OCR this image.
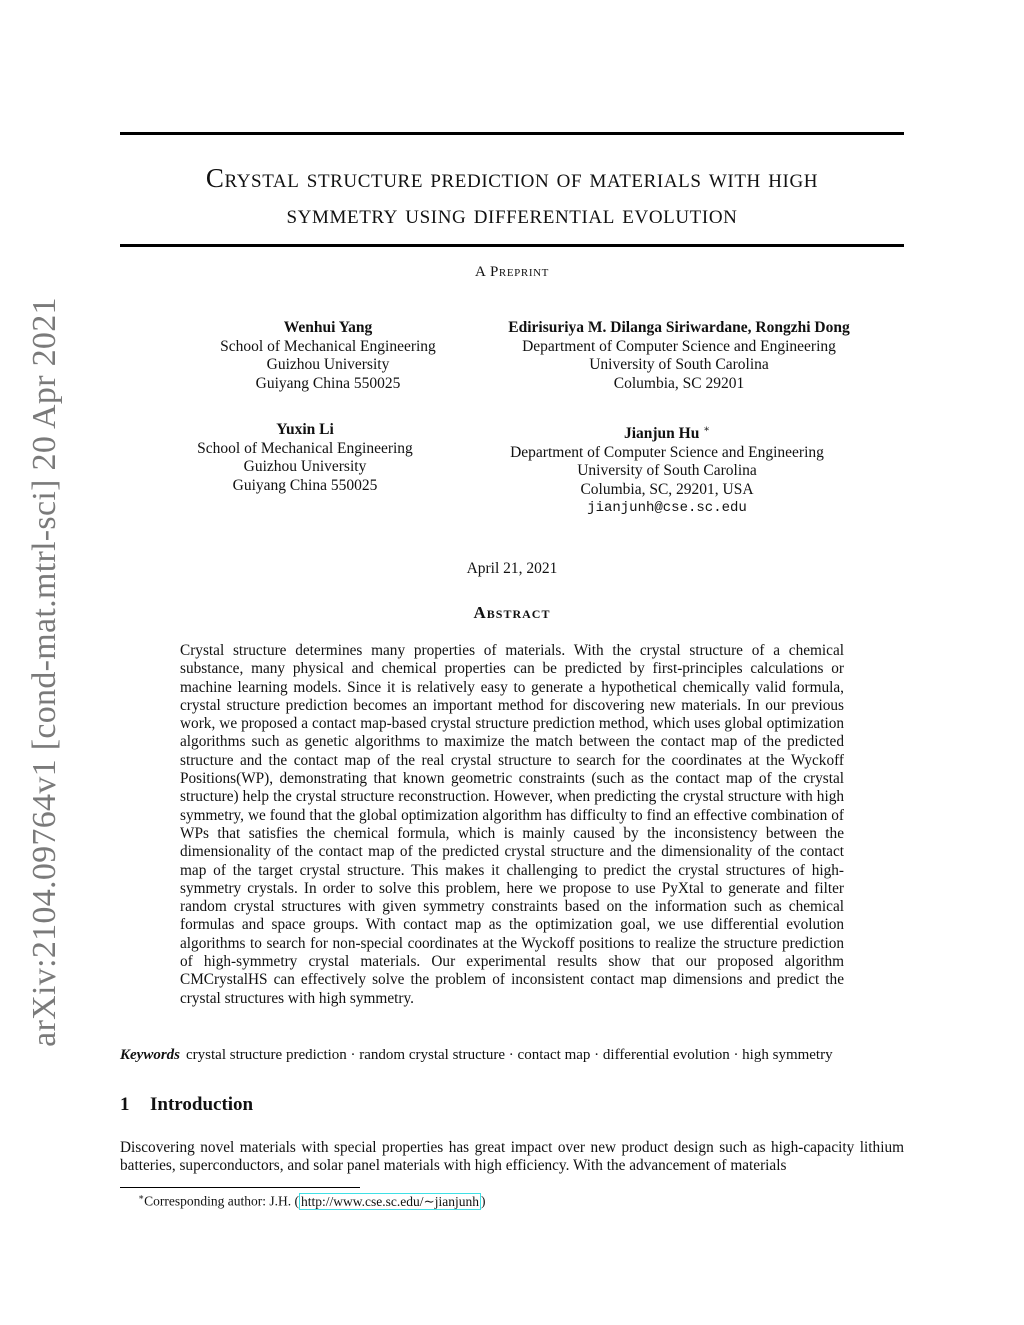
arXiv:2104.09764v1 [cond-mat.mtrl-sci] 20 Apr 2021
Crystal structure prediction of materials with high
symmetry using differential evolution
A Preprint
Wenhui Yang
School of Mechanical Engineering
Guizhou University
Guiyang China 550025
Edirisuriya M. Dilanga Siriwardane, Rongzhi Dong
Department of Computer Science and Engineering
University of South Carolina
Columbia, SC 29201
Yuxin Li
School of Mechanical Engineering
Guizhou University
Guiyang China 550025
Jianjun Hu ∗
Department of Computer Science and Engineering
University of South Carolina
Columbia, SC, 29201, USA
jianjunh@cse.sc.edu
April 21, 2021
Abstract
Crystal structure determines many properties of materials. With the crystal structure of a chemical substance, many physical and chemical properties can be predicted by first-principles calculations or machine learning models. Since it is relatively easy to generate a hypothetical chemically valid formula, crystal structure prediction becomes an important method for discovering new materials. In our previous work, we proposed a contact map-based crystal structure prediction method, which uses global optimization algorithms such as genetic algorithms to maximize the match between the contact map of the predicted structure and the contact map of the real crystal structure to search for the coordinates at the Wyckoff Positions(WP), demonstrating that known geometric constraints (such as the contact map of the crystal structure) help the crystal structure reconstruction. However, when predicting the crystal structure with high symmetry, we found that the global optimization algorithm has difficulty to find an effective combination of WPs that satisfies the chemical formula, which is mainly caused by the inconsistency between the dimensionality of the contact map of the predicted crystal structure and the dimensionality of the contact map of the target crystal structure. This makes it challenging to predict the crystal structures of high-symmetry crystals. In order to solve this problem, here we propose to use PyXtal to generate and filter random crystal structures with given symmetry constraints based on the information such as chemical formulas and space groups. With contact map as the optimization goal, we use differential evolution algorithms to search for non-special coordinates at the Wyckoff positions to realize the structure prediction of high-symmetry crystal materials. Our experimental results show that our proposed algorithm CMCrystalHS can effectively solve the problem of inconsistent contact map dimensions and predict the crystal structures with high symmetry.
Keywords crystal structure prediction · random crystal structure · contact map · differential evolution · high symmetry
1 Introduction
Discovering novel materials with special properties has great impact over new product design such as high-capacity lithium batteries, superconductors, and solar panel materials with high efficiency. With the advancement of materials
∗Corresponding author: J.H. ( http://www.cse.sc.edu/∼jianjunh )
